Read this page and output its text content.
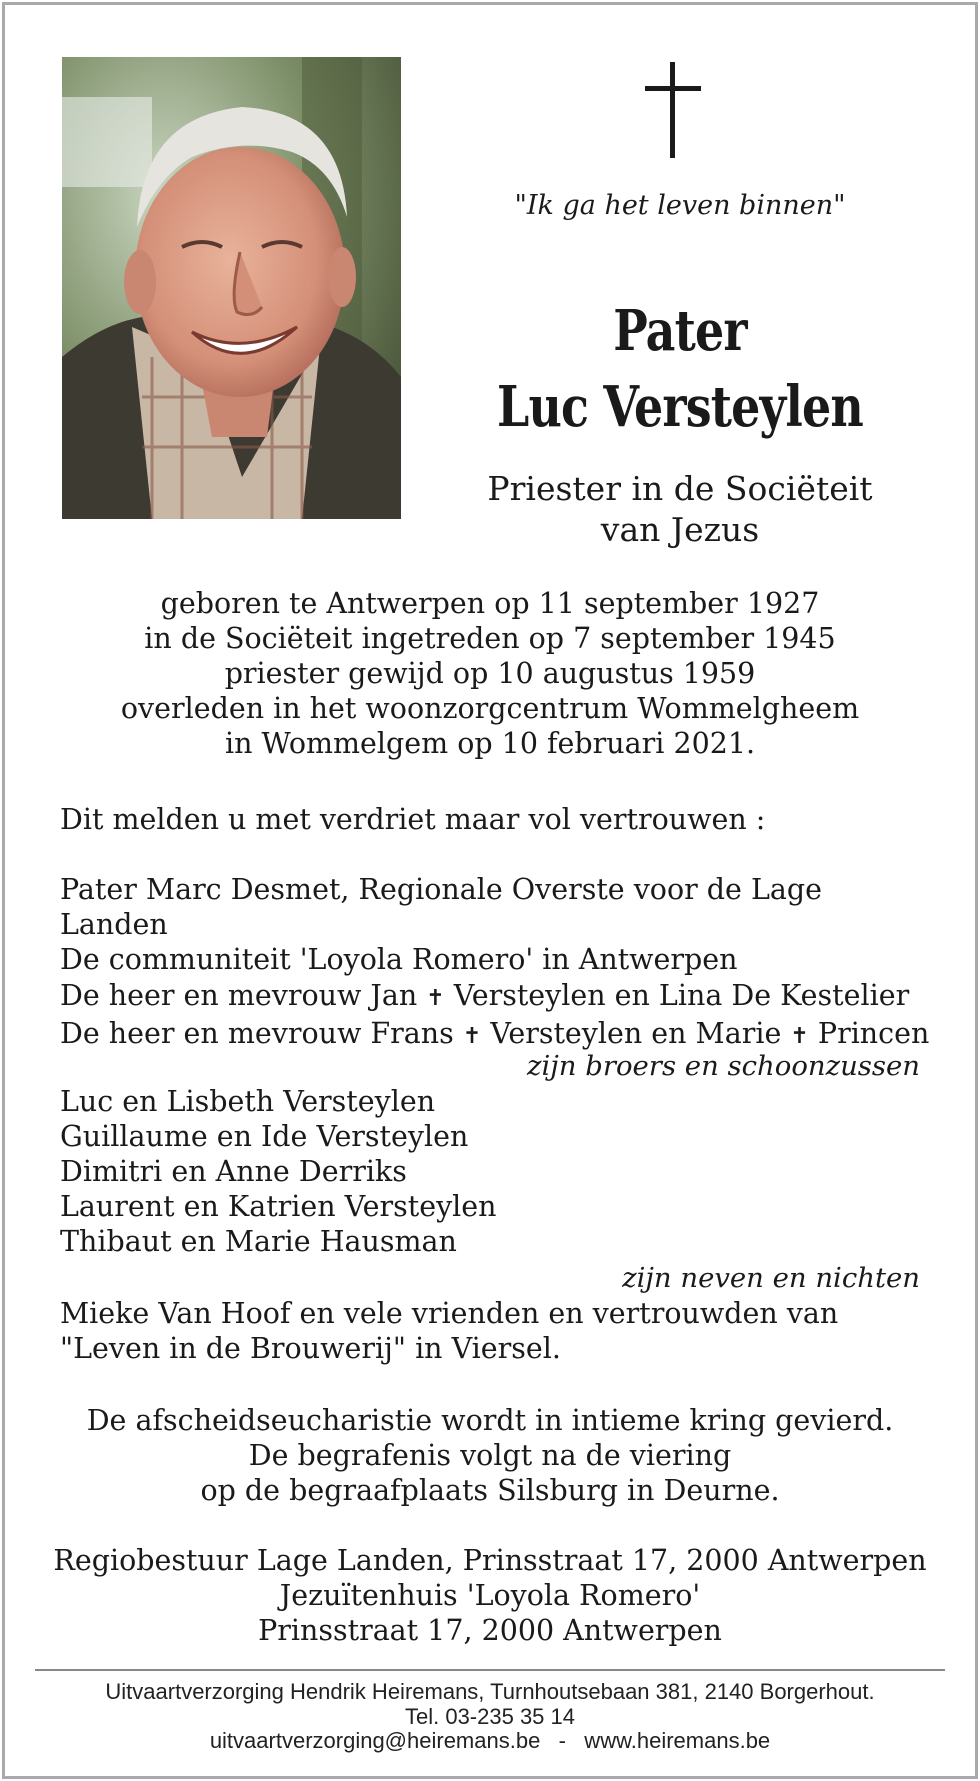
"Ik ga het leven binnen"
Pater
Luc Versteylen
Priester in de Sociëteit
van Jezus
geboren te Antwerpen op 11 september 1927
in de Sociëteit ingetreden op 7 september 1945
priester gewijd op 10 augustus 1959
overleden in het woonzorgcentrum Wommelgheem
in Wommelgem op 10 februari 2021.
Dit melden u met verdriet maar vol vertrouwen :
Pater Marc Desmet, Regionale Overste voor de Lage Landen
De communiteit 'Loyola Romero' in Antwerpen
De heer en mevrouw Jan ✝ Versteylen en Lina De Kestelier
De heer en mevrouw Frans ✝ Versteylen en Marie ✝ Princen
zijn broers en schoonzussen
Luc en Lisbeth Versteylen
Guillaume en Ide Versteylen
Dimitri en Anne Derriks
Laurent en Katrien Versteylen
Thibaut en Marie Hausman
zijn neven en nichten
Mieke Van Hoof en vele vrienden en vertrouwden van
"Leven in de Brouwerij" in Viersel.
De afscheidseucharistie wordt in intieme kring gevierd.
De begrafenis volgt na de viering
op de begraafplaats Silsburg in Deurne.
Regiobestuur Lage Landen, Prinsstraat 17, 2000 Antwerpen
Jezuïtenhuis 'Loyola Romero'
Prinsstraat 17, 2000 Antwerpen
Uitvaartverzorging Hendrik Heiremans, Turnhoutsebaan 381, 2140 Borgerhout.
Tel. 03-235 35 14
uitvaartverzorging@heiremans.be   -   www.heiremans.be
